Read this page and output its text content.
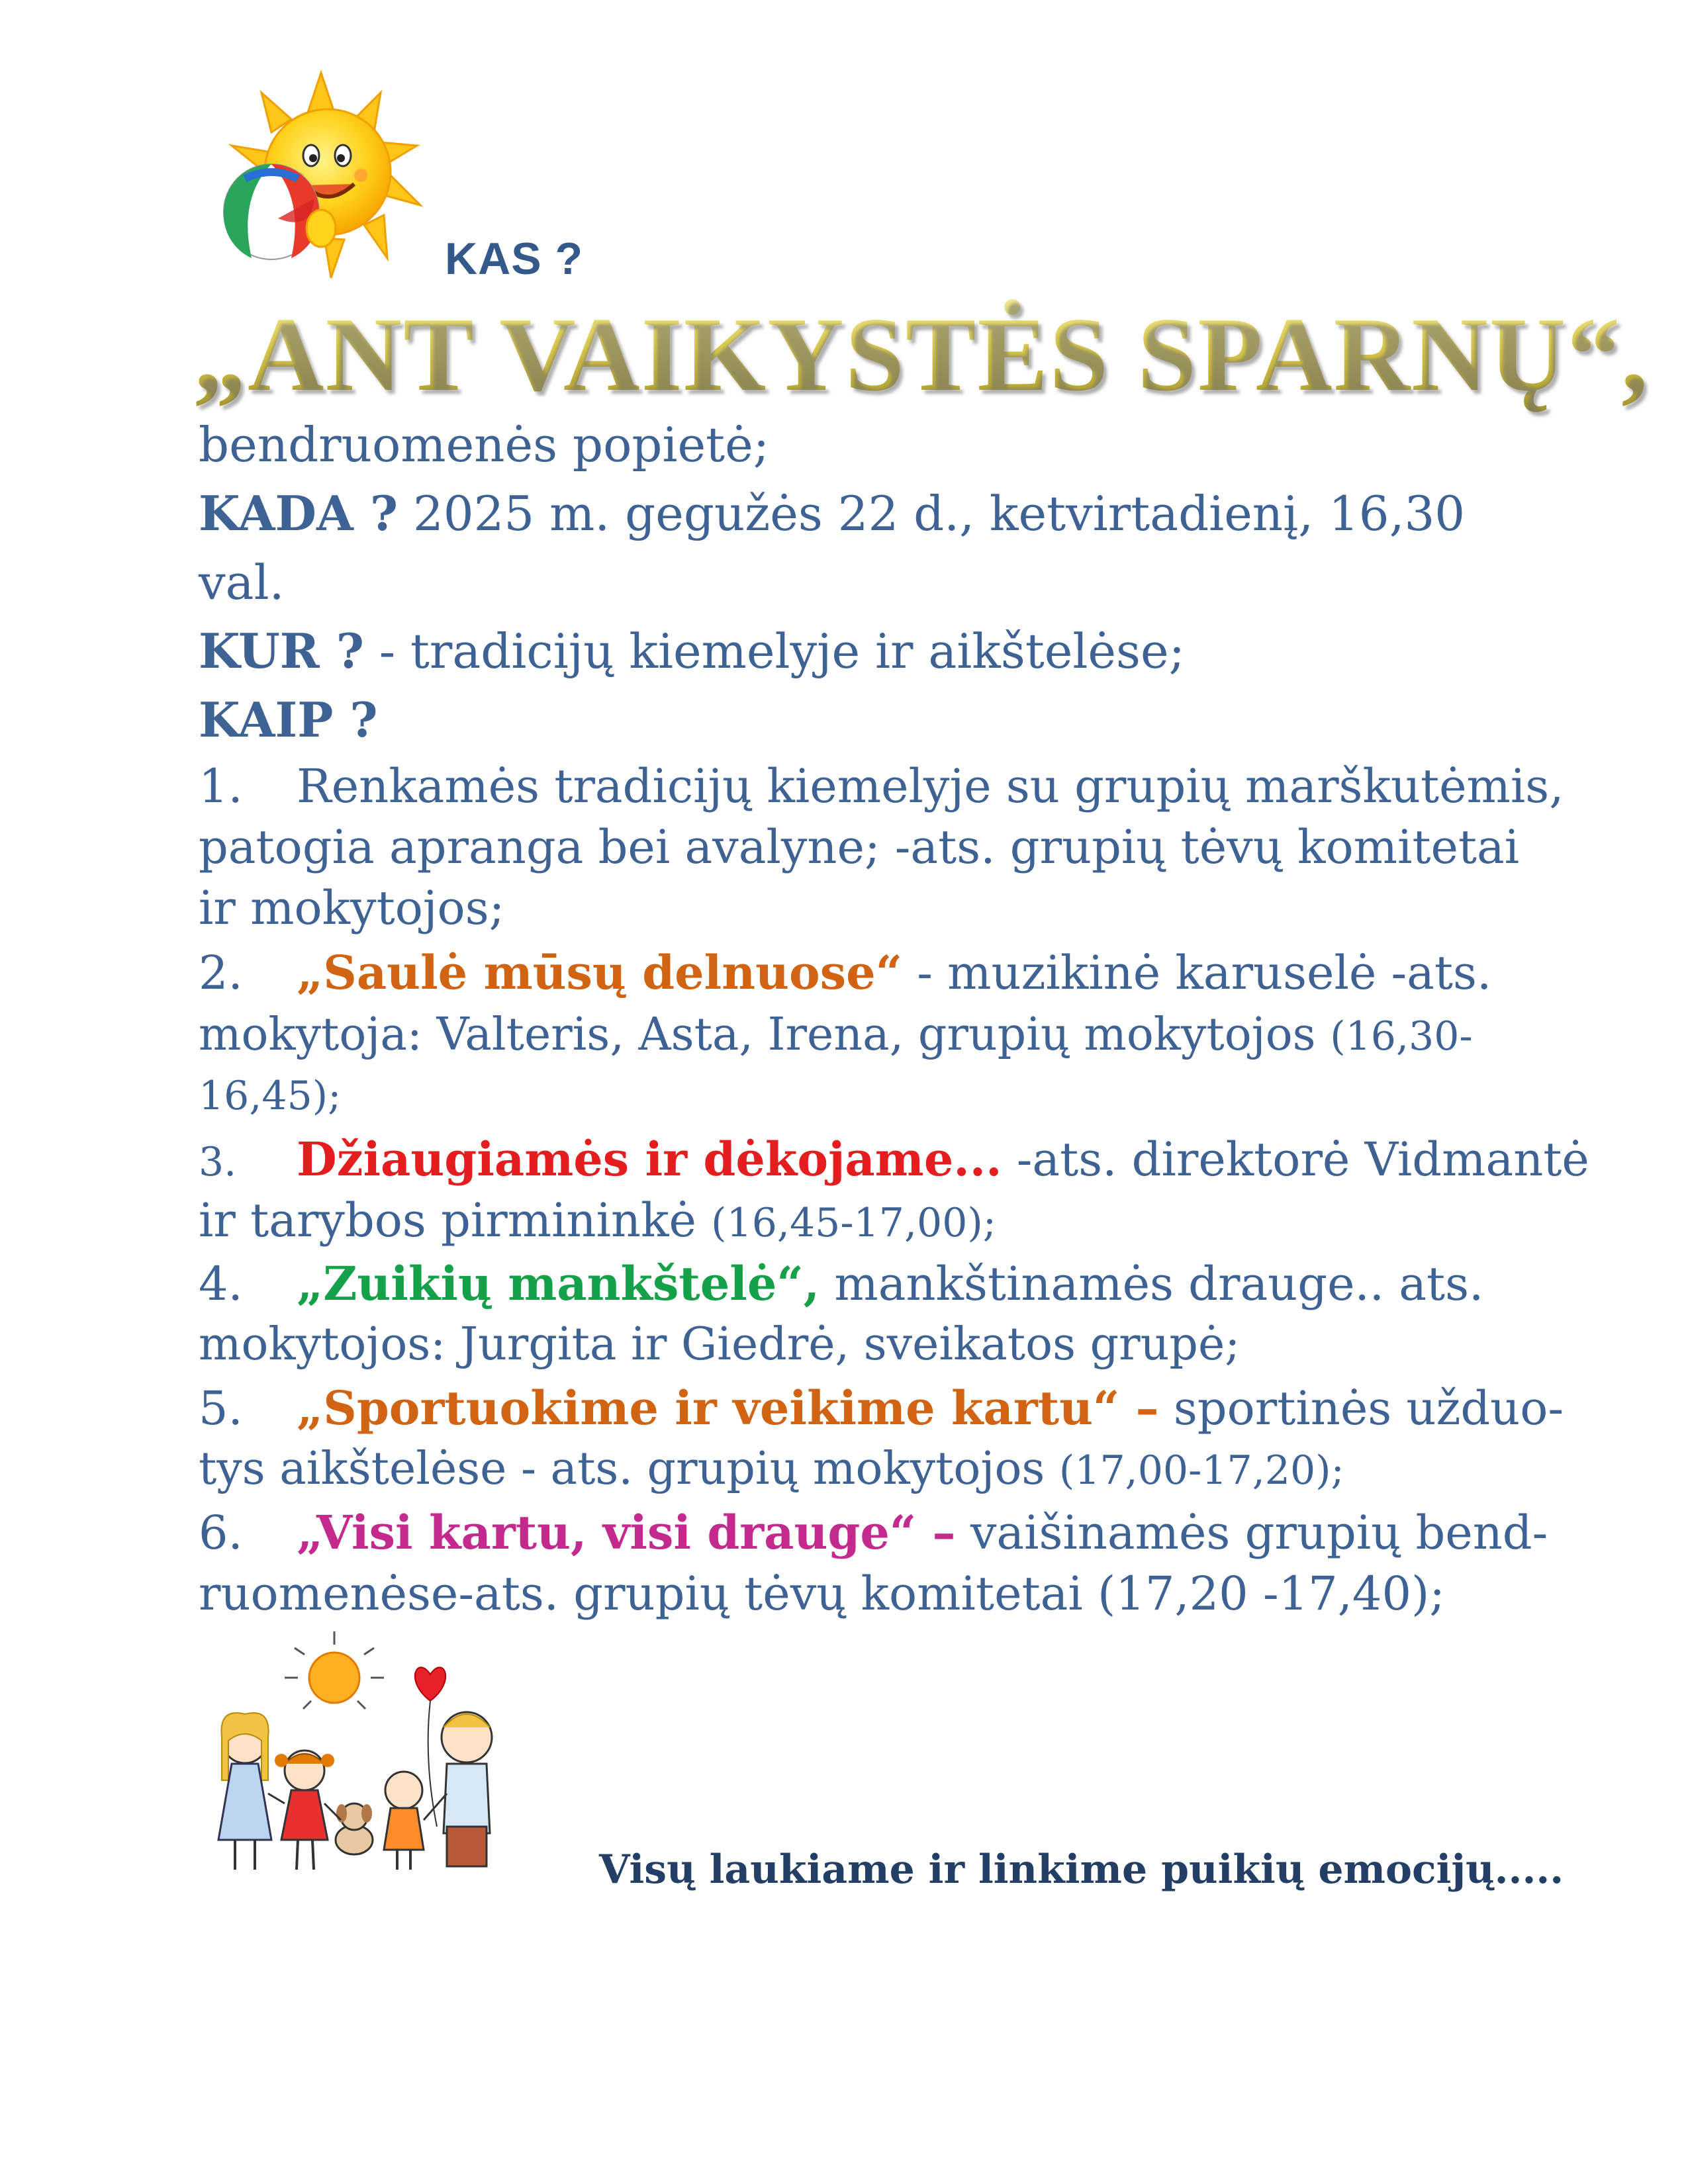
KAS ?
„ANT VAIKYSTĖS SPARNŲ“,
bendruomenės popietė;
KADA ? 2025 m. gegužės 22 d., ketvirtadienį, 16,30
val.
KUR ? - tradicijų kiemelyje ir aikštelėse;
KAIP ?
1. Renkamės tradicijų kiemelyje su grupių marškutėmis,
patogia apranga bei avalyne; -ats. grupių tėvų komitetai
ir mokytojos;
2. „Saulė mūsų delnuose“ - muzikinė karuselė -ats.
mokytoja: Valteris, Asta, Irena, grupių mokytojos (16,30-
16,45);
3. Džiaugiamės ir dėkojame... -ats. direktorė Vidmantė
ir tarybos pirmininkė (16,45-17,00);
4. „Zuikių mankštelė“, mankštinamės drauge.. ats.
mokytojos: Jurgita ir Giedrė, sveikatos grupė;
5. „Sportuokime ir veikime kartu“ – sportinės užduo-
tys aikštelėse - ats. grupių mokytojos (17,00-17,20);
6. „Visi kartu, visi drauge“ – vaišinamės grupių bend-
ruomenėse-ats. grupių tėvų komitetai (17,20 -17,40);
Visų laukiame ir linkime puikių emocijų.....
